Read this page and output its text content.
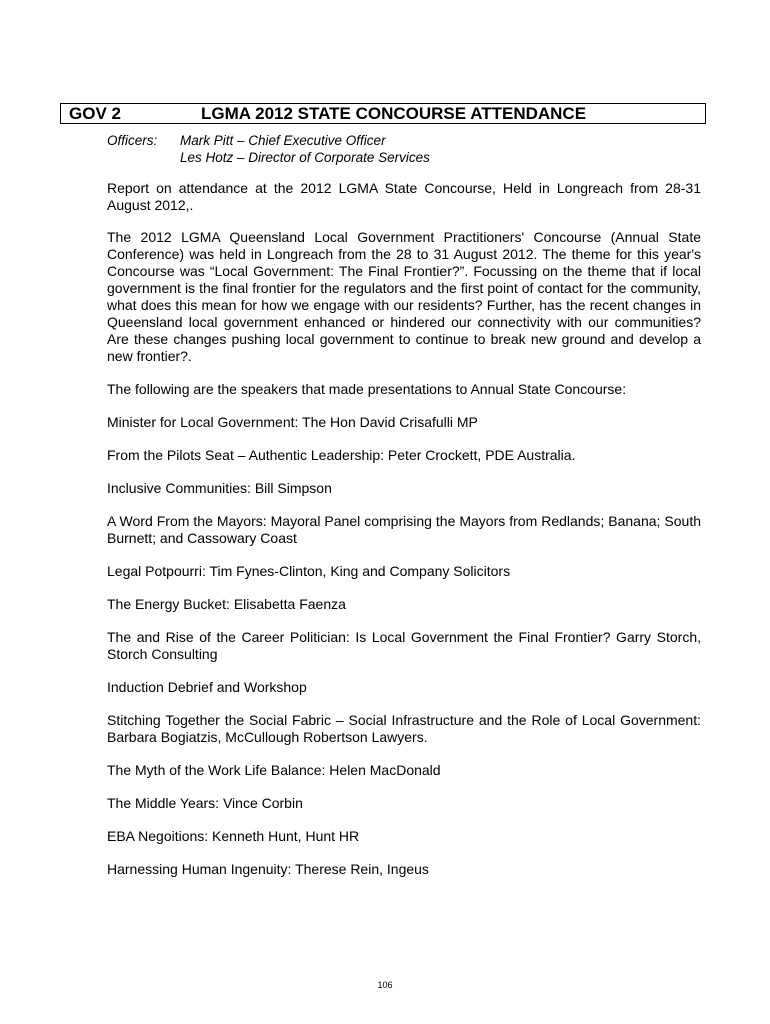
GOV 2	LGMA 2012 STATE CONCOURSE ATTENDANCE
Officers: Mark Pitt – Chief Executive Officer
Les Hotz – Director of Corporate Services

Report on attendance at the 2012 LGMA State Concourse, Held in Longreach from 28-31 August 2012,.

The 2012 LGMA Queensland Local Government Practitioners' Concourse (Annual State Conference) was held in Longreach from the 28 to 31 August 2012. The theme for this year's Concourse was “Local Government: The Final Frontier?”. Focussing on the theme that if local government is the final frontier for the regulators and the first point of contact for the community, what does this mean for how we engage with our residents? Further, has the recent changes in Queensland local government enhanced or hindered our connectivity with our communities? Are these changes pushing local government to continue to break new ground and develop a new frontier?.

The following are the speakers that made presentations to Annual State Concourse:

Minister for Local Government: The Hon David Crisafulli MP

From the Pilots Seat – Authentic Leadership: Peter Crockett, PDE Australia.

Inclusive Communities: Bill Simpson

A Word From the Mayors: Mayoral Panel comprising the Mayors from Redlands; Banana; South Burnett; and Cassowary Coast

Legal Potpourri: Tim Fynes-Clinton, King and Company Solicitors

The Energy Bucket: Elisabetta Faenza

The and Rise of the Career Politician: Is Local Government the Final Frontier? Garry Storch, Storch Consulting

Induction Debrief and Workshop

Stitching Together the Social Fabric – Social Infrastructure and the Role of Local Government: Barbara Bogiatzis, McCullough Robertson Lawyers.

The Myth of the Work Life Balance: Helen MacDonald

The Middle Years: Vince Corbin

EBA Negoitions: Kenneth Hunt, Hunt HR

Harnessing Human Ingenuity: Therese Rein, Ingeus

106
